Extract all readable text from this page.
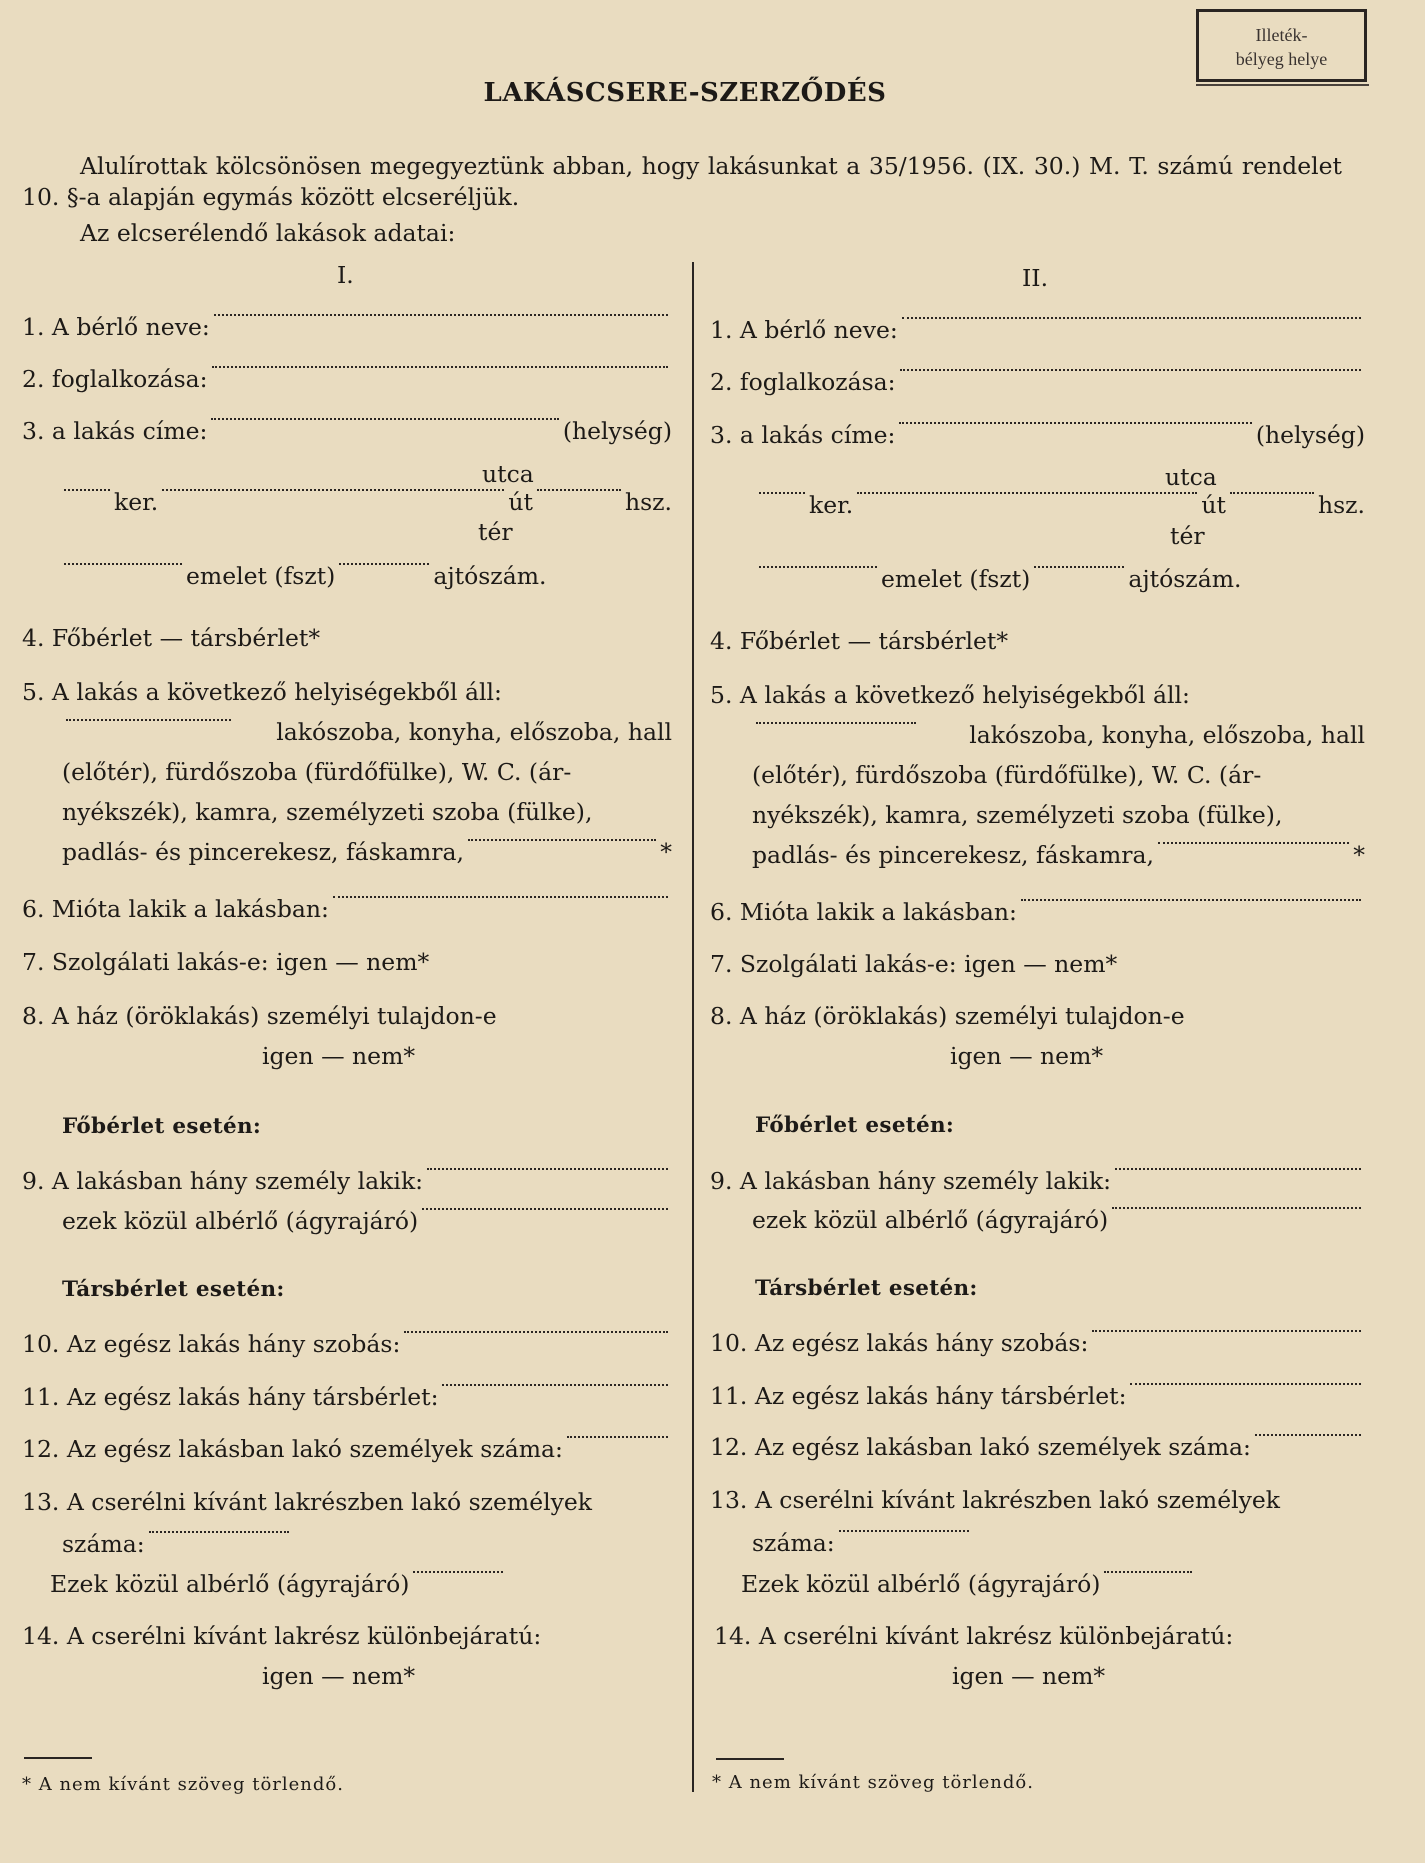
Illeték-
bélyeg helye
LAKÁSCSERE-SZERZŐDÉS
Alulírottak kölcsönösen megegyeztünk abban, hogy lakásunkat a 35/1956. (IX. 30.) M. T. számú rendelet 10. §-a alapján egymás között elcseréljük.
Az elcserélendő lakások adatai:
I.
1. A bérlő neve:
2. foglalkozása:
3. a lakás címe:	(helység)
utca
ker.	út	hsz.
tér
emelet (fszt)	ajtószám.
4. Főbérlet — társbérlet*
5. A lakás a következő helyiségekből áll:
lakószoba, konyha, előszoba, hall
(előtér), fürdőszoba (fürdőfülke), W. C. (ár-
nyékszék), kamra, személyzeti szoba (fülke),
padlás- és pincerekesz, fáskamra,	*
6. Mióta lakik a lakásban:
7. Szolgálati lakás-e: igen — nem*
8. A ház (öröklakás) személyi tulajdon-e
igen — nem*
Főbérlet esetén:
9. A lakásban hány személy lakik:
ezek közül albérlő (ágyrajáró)
Társbérlet esetén:
10. Az egész lakás hány szobás:
11. Az egész lakás hány társbérlet:
12. Az egész lakásban lakó személyek száma:
13. A cserélni kívánt lakrészben lakó személyek
száma:
Ezek közül albérlő (ágyrajáró)
14. A cserélni kívánt lakrész különbejáratú:
igen — nem*
* A nem kívánt szöveg törlendő.
II.
1. A bérlő neve:
2. foglalkozása:
3. a lakás címe:	(helység)
utca
ker.	út	hsz.
tér
emelet (fszt)	ajtószám.
4. Főbérlet — társbérlet*
5. A lakás a következő helyiségekből áll:
lakószoba, konyha, előszoba, hall
(előtér), fürdőszoba (fürdőfülke), W. C. (ár-
nyékszék), kamra, személyzeti szoba (fülke),
padlás- és pincerekesz, fáskamra,	*
6. Mióta lakik a lakásban:
7. Szolgálati lakás-e: igen — nem*
8. A ház (öröklakás) személyi tulajdon-e
igen — nem*
Főbérlet esetén:
9. A lakásban hány személy lakik:
ezek közül albérlő (ágyrajáró)
Társbérlet esetén:
10. Az egész lakás hány szobás:
11. Az egész lakás hány társbérlet:
12. Az egész lakásban lakó személyek száma:
13. A cserélni kívánt lakrészben lakó személyek
száma:
Ezek közül albérlő (ágyrajáró)
14. A cserélni kívánt lakrész különbejáratú:
igen — nem*
* A nem kívánt szöveg törlendő.
